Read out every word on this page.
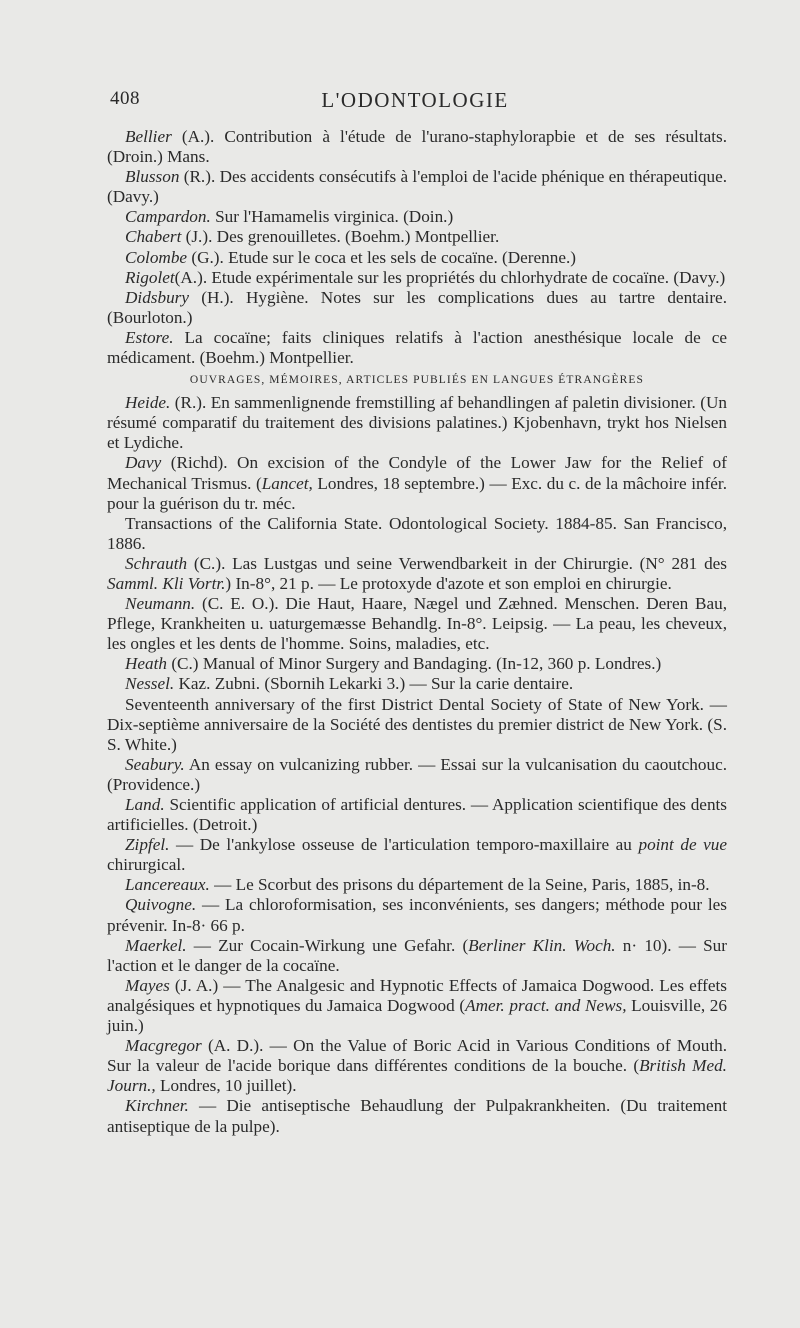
408	L'ODONTOLOGIE

Bellier (A.). Contribution à l'étude de l'urano-staphylorapbie et de ses résultats. (Droin.) Mans.

Blusson (R.). Des accidents consécutifs à l'emploi de l'acide phénique en thérapeutique. (Davy.)

Campardon. Sur l'Hamamelis virginica. (Doin.)

Chabert (J.). Des grenouilletes. (Boehm.) Montpellier.

Colombe (G.). Etude sur le coca et les sels de cocaïne. (Derenne.)

Rigolet(A.). Etude expérimentale sur les propriétés du chlorhydrate de cocaïne. (Davy.)

Didsbury (H.). Hygiène. Notes sur les complications dues au tartre dentaire. (Bourloton.)

Estore. La cocaïne; faits cliniques relatifs à l'action anesthésique locale de ce médicament. (Boehm.) Montpellier.

OUVRAGES, MÉMOIRES, ARTICLES PUBLIÉS EN LANGUES ÉTRANGÈRES

Heide. (R.). En sammenlignende fremstilling af behandlingen af paletin divisioner. (Un résumé comparatif du traitement des divisions palatines.) Kjobenhavn, trykt hos Nielsen et Lydiche.

Davy (Richd). On excision of the Condyle of the Lower Jaw for the Relief of Mechanical Trismus. (Lancet, Londres, 18 septembre.) — Exc. du c. de la mâchoire infér. pour la guérison du tr. méc.

Transactions of the California State. Odontological Society. 1884-85. San Francisco, 1886.

Schrauth (C.). Las Lustgas und seine Verwendbarkeit in der Chirurgie. (N° 281 des Samml. Kli Vortr.) In-8°, 21 p. — Le protoxyde d'azote et son emploi en chirurgie.

Neumann. (C. E. O.). Die Haut, Haare, Nægel und Zæhned. Menschen. Deren Bau, Pflege, Krankheiten u. uaturgemæsse Behandlg. In-8°. Leipsig. — La peau, les cheveux, les ongles et les dents de l'homme. Soins, maladies, etc.

Heath (C.) Manual of Minor Surgery and Bandaging. (In-12, 360 p. Londres.)

Nessel. Kaz. Zubni. (Sbornih Lekarki 3.) — Sur la carie dentaire.

Seventeenth anniversary of the first District Dental Society of State of New York. — Dix-septième anniversaire de la Société des dentistes du premier district de New York. (S. S. White.)

Seabury. An essay on vulcanizing rubber. — Essai sur la vulcanisation du caoutchouc. (Providence.)

Land. Scientific application of artificial dentures. — Application scientifique des dents artificielles. (Detroit.)

Zipfel. — De l'ankylose osseuse de l'articulation temporo-maxillaire au point de vue chirurgical.

Lancereaux. — Le Scorbut des prisons du département de la Seine, Paris, 1885, in-8.

Quivogne. — La chloroformisation, ses inconvénients, ses dangers; méthode pour les prévenir. In-8· 66 p.

Maerkel. — Zur Cocain-Wirkung une Gefahr. (Berliner Klin. Woch. n· 10). — Sur l'action et le danger de la cocaïne.

Mayes (J. A.) — The Analgesic and Hypnotic Effects of Jamaica Dogwood. Les effets analgésiques et hypnotiques du Jamaica Dogwood (Amer. pract. and News, Louisville, 26 juin.)

Macgregor (A. D.). — On the Value of Boric Acid in Various Conditions of Mouth. Sur la valeur de l'acide borique dans différentes conditions de la bouche. (British Med. Journ., Londres, 10 juillet).

Kirchner. — Die antiseptische Behaudlung der Pulpakrankheiten. (Du traitement antiseptique de la pulpe).
